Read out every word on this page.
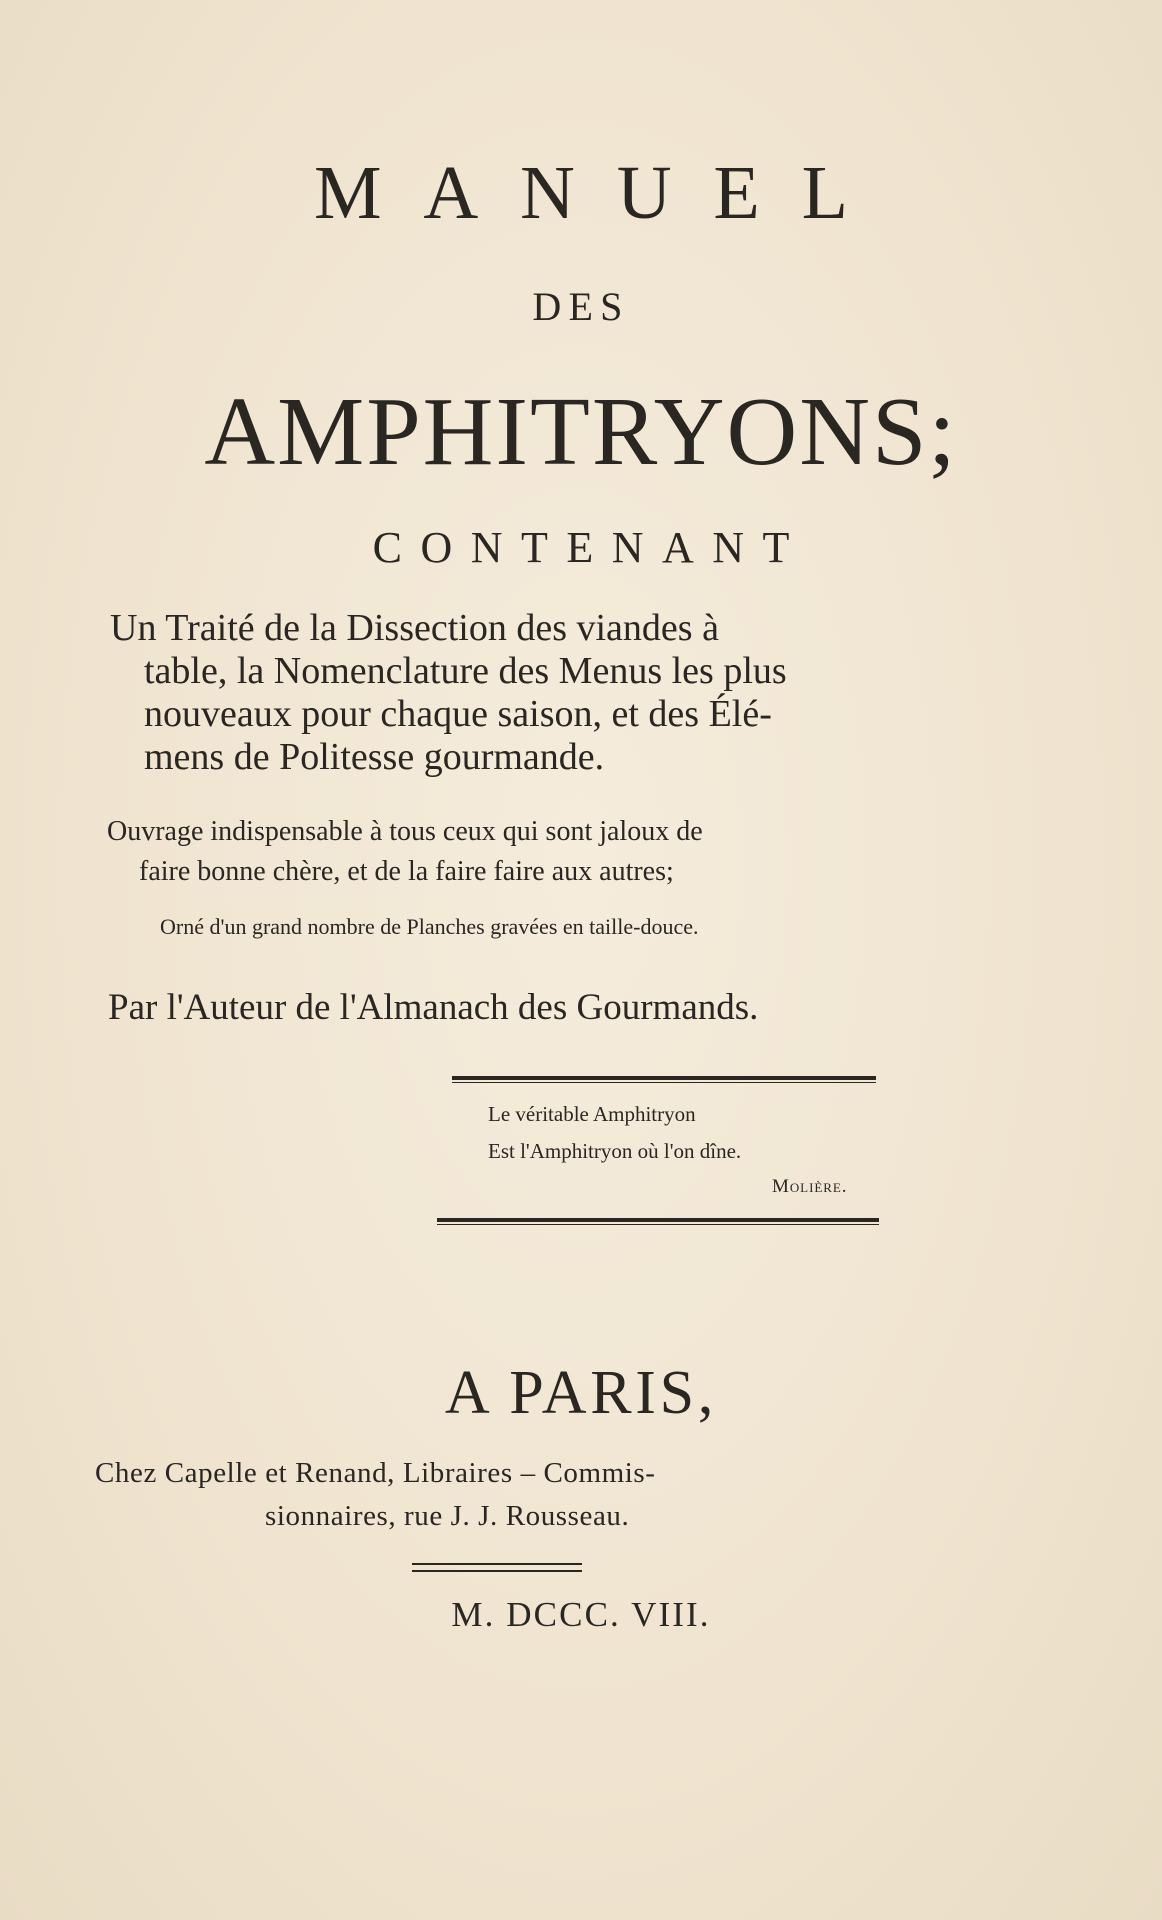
MANUEL
DES
AMPHITRYONS;
CONTENANT
Un Traité de la Dissection des viandes à
table, la Nomenclature des Menus les plus
nouveaux pour chaque saison, et des Élé-
mens de Politesse gourmande.
Ouvrage indispensable à tous ceux qui sont jaloux de
faire bonne chère, et de la faire faire aux autres;
Orné d'un grand nombre de Planches gravées en taille-douce.
Par l'Auteur de l'Almanach des Gourmands.
Le véritable Amphitryon
Est l'Amphitryon où l'on dîne.
Molière.
A PARIS,
Chez Capelle et Renand, Libraires – Commis-
sionnaires, rue J. J. Rousseau.
M. DCCC. VIII.
